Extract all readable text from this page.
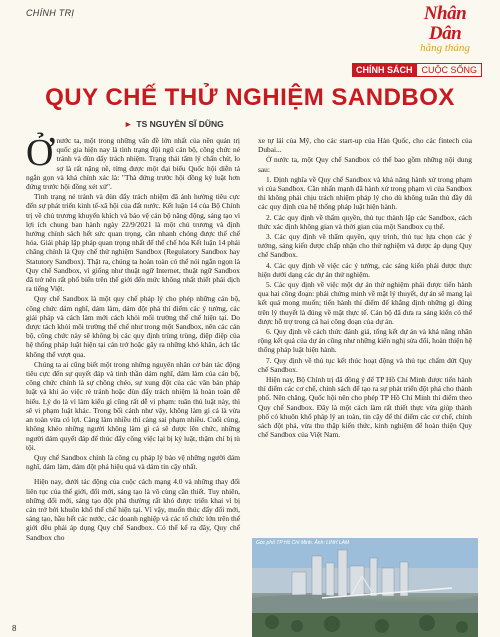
CHÍNH TRỊ	Nhân Dân
hằng tháng
CHÍNH SÁCH CUỘC SỐNG
QUY CHẾ THỬ NGHIỆM SANDBOX
► TS NGUYỄN SĨ DŨNG

Ởnước ta, một trong những vấn đề lớn nhất của nền quản trị quốc gia hiện nay là tình trạng đội ngũ cán bộ, công chức né tránh và đùn đẩy trách nhiệm. Trạng thái tâm lý chấn chừ, lo sợ là rất nặng nề, từng được một đại biểu Quốc hội diễn tả ngắn gọn và khá chính xác là: "Thà đứng trước hội đồng kỷ luật hơn đứng trước hội đồng xét xử".

Tình trạng né tránh và đùn đẩy trách nhiệm đã ảnh hưởng tiêu cực đến sự phát triển kinh tế-xã hội của đất nước. Kết luận 14 của Bộ Chính trị về chủ trương khuyến khích và bảo vệ cán bộ năng động, sáng tạo vì lợi ích chung ban hành ngày 22/9/2021 là một chủ trương và định hướng chính sách hết sức quan trọng, cần nhanh chóng được thể chế hóa. Giải pháp lập pháp quan trọng nhất để thể chế hóa Kết luận 14 phải chăng chính là Quy chế thử nghiệm Sandbox (Regulatory Sandbox hay Statutory Sandbox). Thật ra, chúng ta hoàn toàn có thể nói ngắn ngọn là Quy chế Sandbox, vì giống như thuật ngữ Internet, thuật ngữ Sandbox đã trở nên rất phổ biến trên thế giới đến mức không nhất thiết phải dịch ra tiếng Việt.

Quy chế Sandbox là một quy chế pháp lý cho phép những cán bộ, công chức dám nghĩ, dám làm, dám đột phá thí điểm các ý tưởng, các giải pháp và cách làm mới cách khỏi mối trường thể chế hiện tại. Do được tách khỏi môi trường thể chế như trong một Sandbox, nên các cán bộ, công chức này sẽ không bị các quy định trùng trùng, điệp điệp của hệ thống pháp luật hiện tại cản trở hoặc gây ra những khó khăn, ách tắc không thể vượt qua.

Chúng ta ai cũng biết một trong những nguyên nhân cơ bản tác động tiêu cực đến sự quyết đáp và tinh thần dám nghĩ, dám làm của cán bộ, công chức chính là sự chồng chéo, sự xung đột của các văn bản pháp luật và khi áo việc rè tránh hoặc đùn đẩy trách nhiệm là hoàn toàn dễ hiểu. Lý do là vì làm kiểu gì cũng rất dễ vi phạm: tuân thủ luật này, thì sẽ vi phạm luật khác. Trong bối cảnh như vậy, không làm gì cả là vừa an toàn vừa có lợi. Càng làm nhiều thì càng sai phạm nhiều. Cuối cùng, không khéo những người không làm gì cả sẽ được lên chức, những người dám quyết đáp để thúc đẩy công việc lại bị kỷ luật, thậm chí bị tù tội.

Quy chế Sandbox chính là công cụ pháp lý bảo vệ những người dám nghĩ, dám làm, dám đột phá hiệu quả và dám tin cậy nhất.

Hiện nay, dưới tác động của cuộc cách mạng 4.0 và những thay đổi liên tục của thế giới, đổi mới, sáng tạo là vô cùng cần thiết. Tuy nhiên, những đổi mới, sáng tạo đột phá thường rất khó được triển khai vì bị cản trở bởi khuôn khổ thể chế hiện tại. Vì vậy, muốn thúc đẩy đổi mới, sáng tạo, hầu hết các nước, các doanh nghiệp và các tổ chức lớn trên thế giới đều phải áp dụng Quy chế Sandbox. Có thể kể ra đây, Quy chế Sandbox cho

xe tự lái của Mỹ, cho các start-up của Hàn Quốc, cho các fintech của Dubai...

Ở nước ta, một Quy chế Sandbox có thể bao gồm những nội dung sau:

1. Định nghĩa về Quy chế Sandbox và khả năng hành xử trong phạm vi của Sandbox. Cần nhấn mạnh đã hành xử trong phạm vi của Sandbox thì không phải chịu trách nhiệm pháp lý cho dù không tuân thủ đầy đủ các quy định của hệ thống pháp luật hiện hành.

2. Các quy định về thẩm quyền, thủ tục thành lập các Sandbox, cách thức xác định không gian và thời gian của một Sandbox cụ thể.

3. Các quy định về thẩm quyền, quy trình, thủ tục lựa chọn các ý tưởng, sáng kiến được chấp nhận cho thử nghiệm và được áp dụng Quy chế Sandbox.

4. Các quy định về việc các ý tưởng, các sáng kiến phải được thực hiện dưới dạng các dự án thử nghiệm.

5. Các quy định về việc một dự án thử nghiệm phải được tiến hành qua hai công đoạn: phải chứng minh về mặt lý thuyết, dự án sẽ mang lại kết quả mong muốn; tiến hành thí điểm để khẳng định những gì đúng trên lý thuyết là đúng về mặt thực tế. Cán bộ đã đưa ra sáng kiến có thể được hỗ trợ trong cả hai công đoạn của dự án.

6. Quy định về cách thức đánh giá, tổng kết dự án và khả năng nhân rộng kết quả của dự án cũng như những kiến nghị sửa đổi, hoàn thiện hệ thống pháp luật hiện hành.

7. Quy định về thủ tục kết thúc hoạt động và thủ tục chấm dứt Quy chế Sandbox.

Hiện nay, Bộ Chính trị đã đồng ý để TP Hồ Chí Minh được tiến hành thí điểm các cơ chế, chính sách để tạo ra sự phát triển đột phá cho thành phố. Nên chăng, Quốc hội nên cho phép TP Hồ Chí Minh thí điểm theo Quy chế Sandbox. Đây là một cách làm rất thiết thực vừa giúp thành phố có khuôn khổ pháp lý an toàn, tin cậy để thí điểm các cơ chế, chính sách đột phá, vừa thu thập kiến thức, kinh nghiệm để hoàn thiện Quy chế Sandbox của Việt Nam.

Góc phố TP Hồ Chí Minh. Ảnh: LINH LAM
8
